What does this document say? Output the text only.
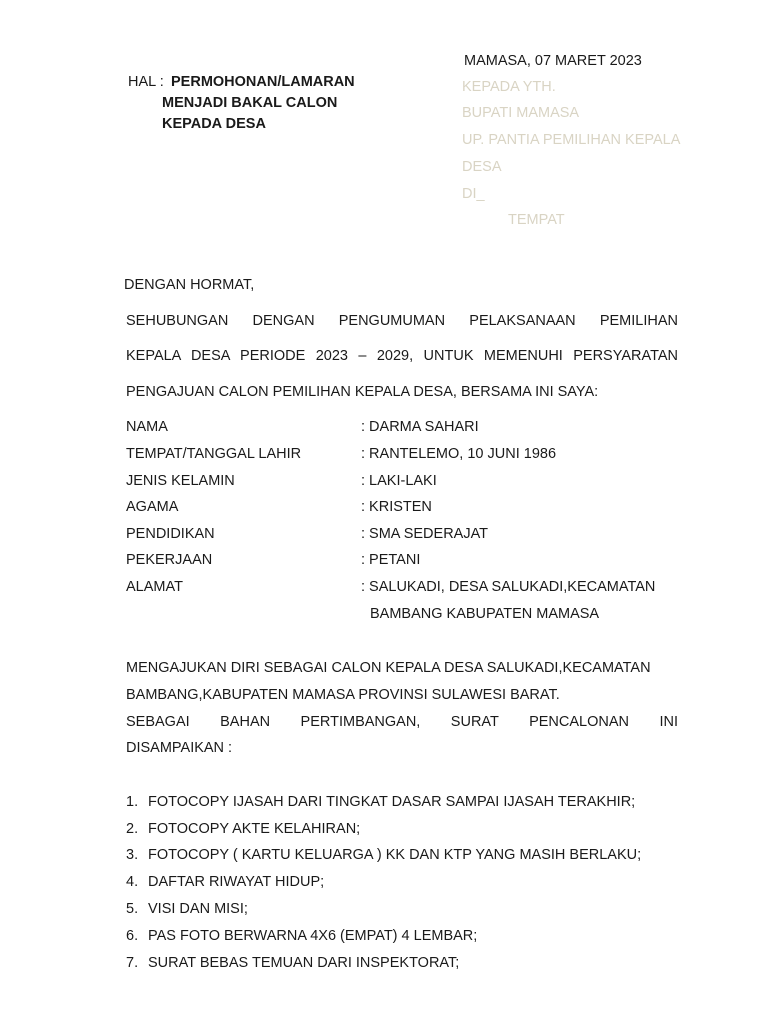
MAMASA, 07 MARET 2023
HAL : PERMOHONAN/LAMARAN
MENJADI BAKAL CALON
KEPADA DESA
KEPADA YTH.
BUPATI MAMASA
UP. PANTIA PEMILIHAN KEPALA
DESA
DI_
TEMPAT
DENGAN HORMAT,
SEHUBUNGAN DENGAN PENGUMUMAN PELAKSANAAN PEMILIHAN
KEPALA DESA PERIODE 2023 – 2029, UNTUK MEMENUHI PERSYARATAN
PENGAJUAN CALON PEMILIHAN KEPALA DESA, BERSAMA INI SAYA:
NAMA	: DARMA SAHARI
TEMPAT/TANGGAL LAHIR	: RANTELEMO, 10 JUNI 1986
JENIS KELAMIN	: LAKI-LAKI
AGAMA	: KRISTEN
PENDIDIKAN	: SMA SEDERAJAT
PEKERJAAN	: PETANI
ALAMAT	: SALUKADI, DESA SALUKADI,KECAMATAN
BAMBANG KABUPATEN MAMASA
MENGAJUKAN DIRI SEBAGAI CALON KEPALA DESA SALUKADI,KECAMATAN
BAMBANG,KABUPATEN MAMASA PROVINSI SULAWESI BARAT.
SEBAGAI BAHAN PERTIMBANGAN, SURAT PENCALONAN INI
DISAMPAIKAN :
1. FOTOCOPY IJASAH DARI TINGKAT DASAR SAMPAI IJASAH TERAKHIR;
2. FOTOCOPY AKTE KELAHIRAN;
3. FOTOCOPY ( KARTU KELUARGA ) KK DAN KTP YANG MASIH BERLAKU;
4. DAFTAR RIWAYAT HIDUP;
5. VISI DAN MISI;
6. PAS FOTO BERWARNA 4X6 (EMPAT) 4 LEMBAR;
7. SURAT BEBAS TEMUAN DARI INSPEKTORAT;
